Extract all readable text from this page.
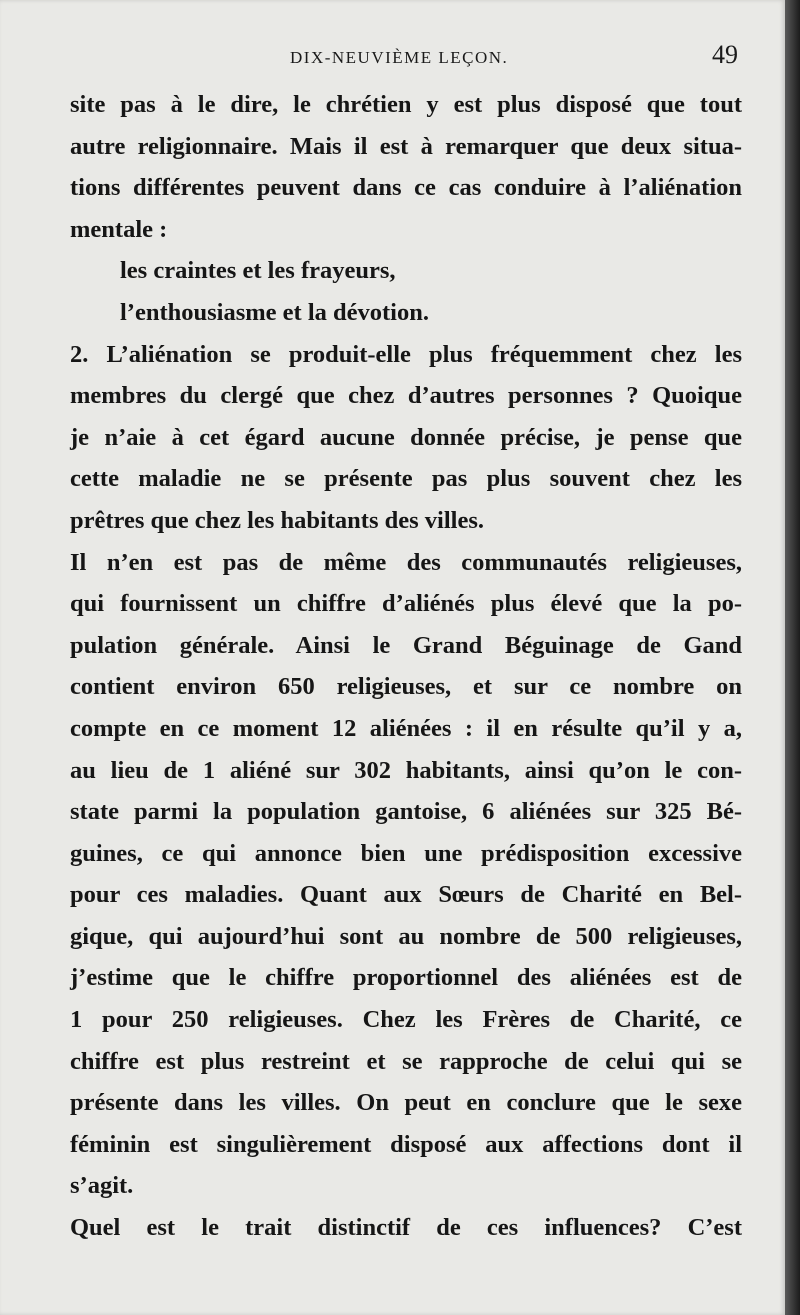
DIX-NEUVIÈME LEÇON.	49
site pas à le dire, le chrétien y est plus disposé que tout
autre religionnaire. Mais il est à remarquer que deux situa-
tions différentes peuvent dans ce cas conduire à l’aliénation
mentale :
les craintes et les frayeurs,
l’enthousiasme et la dévotion.
2. L’aliénation se produit-elle plus fréquemment chez les
membres du clergé que chez d’autres personnes ? Quoique
je n’aie à cet égard aucune donnée précise, je pense que
cette maladie ne se présente pas plus souvent chez les
prêtres que chez les habitants des villes.
Il n’en est pas de même des communautés religieuses,
qui fournissent un chiffre d’aliénés plus élevé que la po-
pulation générale. Ainsi le Grand Béguinage de Gand
contient environ 650 religieuses, et sur ce nombre on
compte en ce moment 12 aliénées : il en résulte qu’il y a,
au lieu de 1 aliéné sur 302 habitants, ainsi qu’on le con-
state parmi la population gantoise, 6 aliénées sur 325 Bé-
guines, ce qui annonce bien une prédisposition excessive
pour ces maladies. Quant aux Sœurs de Charité en Bel-
gique, qui aujourd’hui sont au nombre de 500 religieuses,
j’estime que le chiffre proportionnel des aliénées est de
1 pour 250 religieuses. Chez les Frères de Charité, ce
chiffre est plus restreint et se rapproche de celui qui se
présente dans les villes. On peut en conclure que le sexe
féminin est singulièrement disposé aux affections dont il
s’agit.
Quel est le trait distinctif de ces influences? C’est
